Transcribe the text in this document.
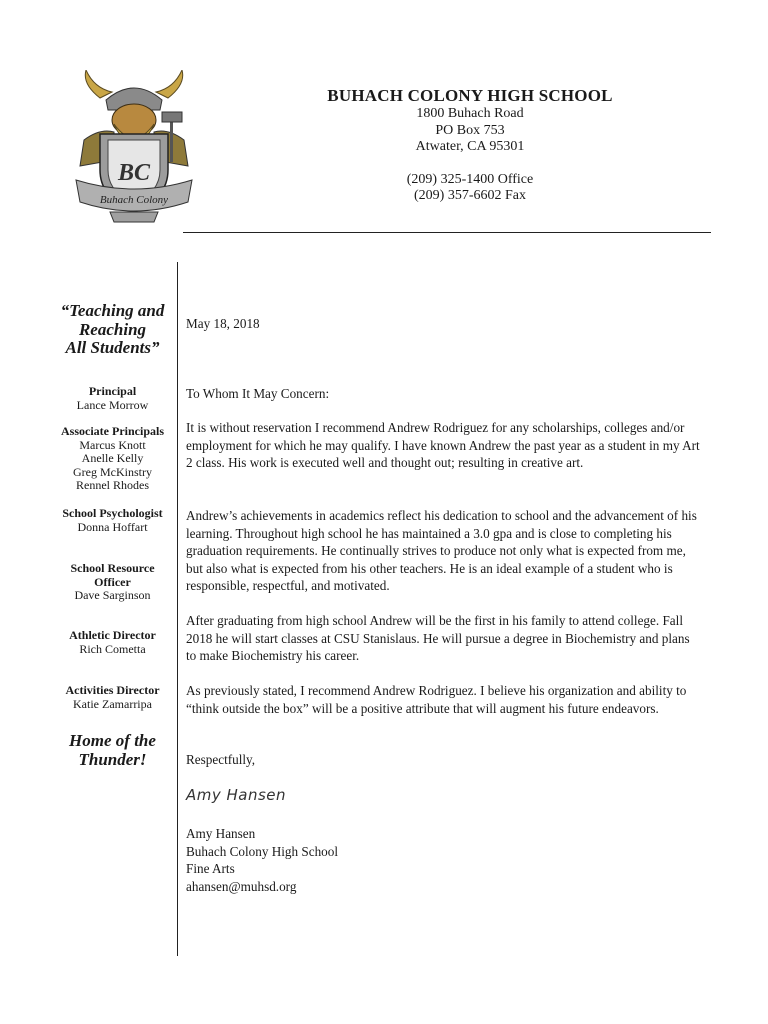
BC
Buhach Colony
BUHACH COLONY HIGH SCHOOL
1800 Buhach Road
PO Box 753
Atwater, CA 95301
(209) 325-1400 Office
(209) 357-6602 Fax
“Teaching and
Reaching
All Students”
Principal
Lance Morrow
Associate Principals
Marcus Knott
Anelle Kelly
Greg McKinstry
Rennel Rhodes
School Psychologist
Donna Hoffart
School Resource Officer
Dave Sarginson
Athletic Director
Rich Cometta
Activities Director
Katie Zamarripa
Home of the
Thunder!
May 18, 2018
To Whom It May Concern:

It is without reservation I recommend Andrew Rodriguez for any scholarships, colleges and/or employment for which he may qualify. I have known Andrew the past year as a student in my Art 2 class. His work is executed well and thought out; resulting in creative art.

Andrew’s achievements in academics reflect his dedication to school and the advancement of his learning. Throughout high school he has maintained a 3.0 gpa and is close to completing his graduation requirements. He continually strives to produce not only what is expected from me, but also what is expected from his other teachers. He is an ideal example of a student who is responsible, respectful, and motivated.

After graduating from high school Andrew will be the first in his family to attend college. Fall 2018 he will start classes at CSU Stanislaus. He will pursue a degree in Biochemistry and plans to make Biochemistry his career.

As previously stated, I recommend Andrew Rodriguez. I believe his organization and ability to “think outside the box” will be a positive attribute that will augment his future endeavors.

Respectfully,
Amy Hansen
Amy Hansen
Buhach Colony High School
Fine Arts
ahansen@muhsd.org
